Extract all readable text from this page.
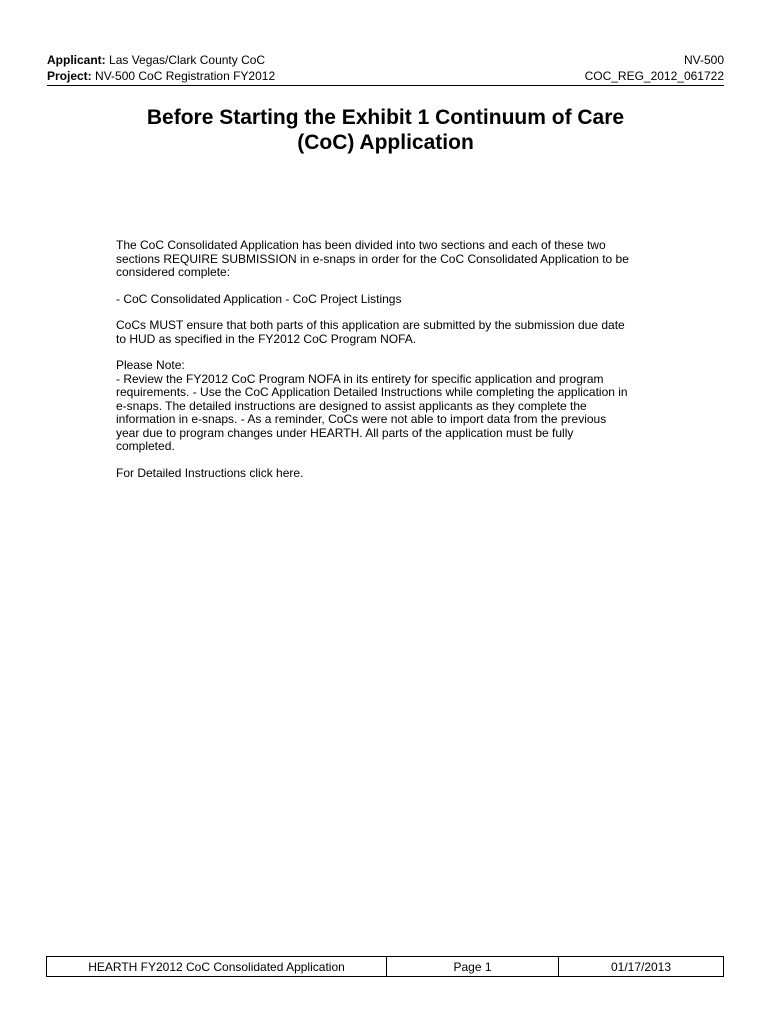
Applicant: Las Vegas/Clark County CoC	NV-500
Project: NV-500 CoC Registration FY2012	COC_REG_2012_061722
Before Starting the Exhibit 1 Continuum of Care
(CoC) Application

The CoC Consolidated Application has been divided into two sections and each of these two
sections REQUIRE SUBMISSION in e-snaps in order for the CoC Consolidated Application to be
considered complete:

- CoC Consolidated Application - CoC Project Listings

CoCs MUST ensure that both parts of this application are submitted by the submission due date
to HUD as specified in the FY2012 CoC Program NOFA.

Please Note:
- Review the FY2012 CoC Program NOFA in its entirety for specific application and program
requirements. - Use the CoC Application Detailed Instructions while completing the application in
e-snaps. The detailed instructions are designed to assist applicants as they complete the
information in e-snaps. - As a reminder, CoCs were not able to import data from the previous
year due to program changes under HEARTH. All parts of the application must be fully
completed.

For Detailed Instructions click here.

HEARTH FY2012 CoC Consolidated Application	Page 1	01/17/2013
